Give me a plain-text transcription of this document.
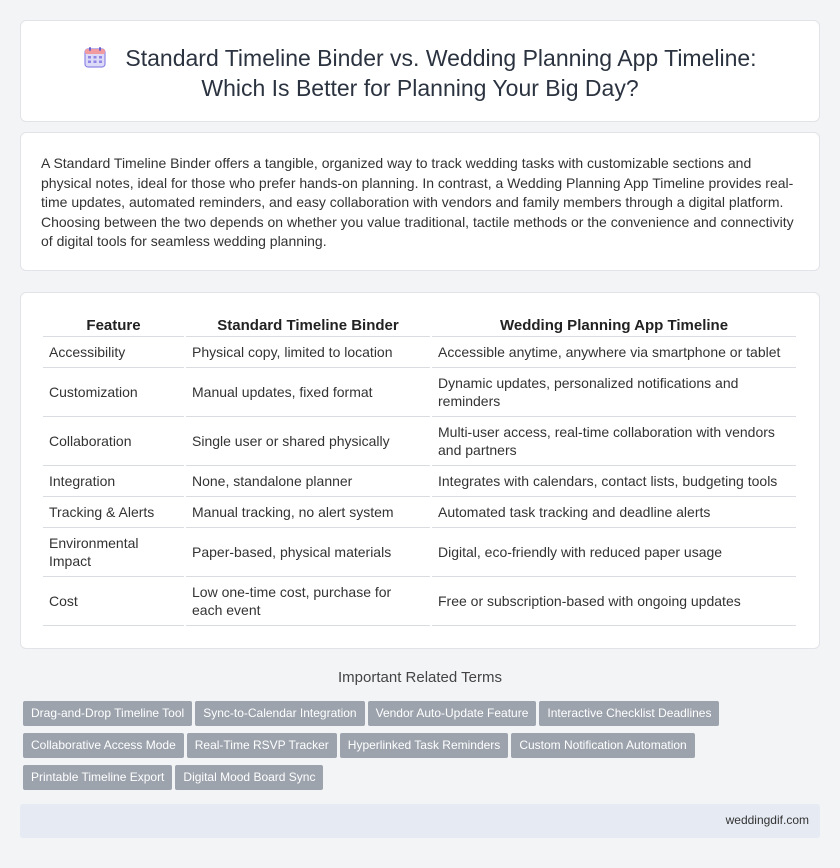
Standard Timeline Binder vs. Wedding Planning App Timeline:
Which Is Better for Planning Your Big Day?

A Standard Timeline Binder offers a tangible, organized way to track wedding tasks with customizable sections and physical notes, ideal for those who prefer hands-on planning. In contrast, a Wedding Planning App Timeline provides real-time updates, automated reminders, and easy collaboration with vendors and family members through a digital platform. Choosing between the two depends on whether you value traditional, tactile methods or the convenience and connectivity of digital tools for seamless wedding planning.

Feature	Standard Timeline Binder	Wedding Planning App Timeline
Accessibility	Physical copy, limited to location	Accessible anytime, anywhere via smartphone or tablet
Customization	Manual updates, fixed format	Dynamic updates, personalized notifications and reminders
Collaboration	Single user or shared physically	Multi-user access, real-time collaboration with vendors and partners
Integration	None, standalone planner	Integrates with calendars, contact lists, budgeting tools
Tracking & Alerts	Manual tracking, no alert system	Automated task tracking and deadline alerts
Environmental Impact	Paper-based, physical materials	Digital, eco-friendly with reduced paper usage
Cost	Low one-time cost, purchase for each event	Free or subscription-based with ongoing updates
Important Related Terms
Drag-and-Drop Timeline Tool Sync-to-Calendar Integration Vendor Auto-Update Feature Interactive Checklist Deadlines
Collaborative Access Mode Real-Time RSVP Tracker Hyperlinked Task Reminders Custom Notification Automation
Printable Timeline Export Digital Mood Board Sync
weddingdif.com
